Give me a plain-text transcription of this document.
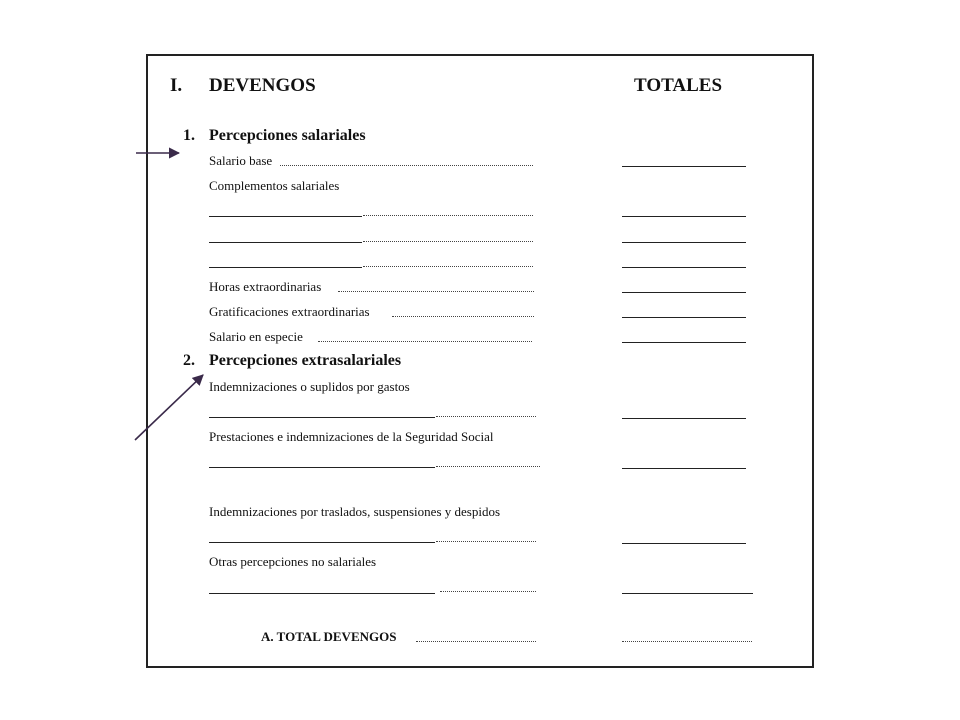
I. DEVENGOS	TOTALES
1. Percepciones salariales
Salario base
Complementos salariales
Horas extraordinarias
Gratificaciones extraordinarias
Salario en especie
2. Percepciones extrasalariales
Indemnizaciones o suplidos por gastos
Prestaciones e indemnizaciones de la Seguridad Social
Indemnizaciones por traslados, suspensiones y despidos
Otras percepciones no salariales
A. TOTAL DEVENGOS
